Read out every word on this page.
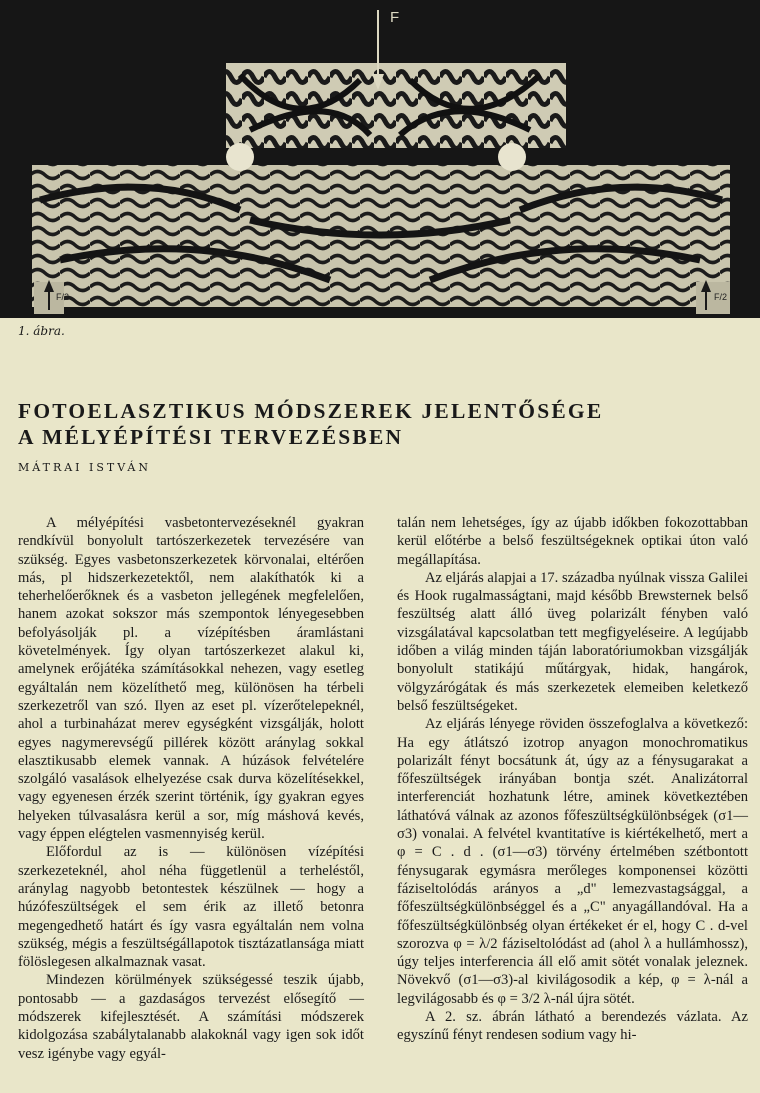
F
F/2	F/2
1. ábra.
FOTOELASZTIKUS MÓDSZEREK JELENTŐSÉGE
A MÉLYÉPÍTÉSI TERVEZÉSBEN
MÁTRAI ISTVÁN

A mélyépítési vasbetontervezéseknél gyakran rendkívül bonyolult tartószerkezetek tervezésére van szükség. Egyes vasbetonszerkezetek körvonalai, eltérően más, pl hidszerkezetektől, nem alakíthatók ki a teherhelőerőknek és a vasbeton jellegének megfelelően, hanem azokat sokszor más szempontok lényegesebben befolyásolják pl. a vízépítésben áramlástani követelmények. Így olyan tartószerkezet alakul ki, amelynek erőjátéka számításokkal nehezen, vagy esetleg egyáltalán nem közelíthető meg, különösen ha térbeli szerkezetről van szó. Ilyen az eset pl. vízerőtelepeknél, ahol a turbinaházat merev egységként vizsgálják, holott egyes nagymerevségű pillérek között aránylag sokkal elasztikusabb elemek vannak. A húzások felvételére szolgáló vasalások elhelyezése csak durva közelítésekkel, vagy egyenesen érzék szerint történik, így gyakran egyes helyeken túlvasalásra kerül a sor, míg máshová kevés, vagy éppen elégtelen vasmennyiség kerül.

Előfordul az is — különösen vízépítési szerkezeteknél, ahol néha függetlenül a terheléstől, aránylag nagyobb betontestek készülnek — hogy a húzófeszültségek el sem érik az illető betonra megengedhető határt és így vasra egyáltalán nem volna szükség, mégis a feszültségállapotok tisztázatlansága miatt fölöslegesen alkalmaznak vasat.

Mindezen körülmények szükségessé teszik újabb, pontosabb — a gazdaságos tervezést elősegítő — módszerek kifejlesztését. A számítási módszerek kidolgozása szabálytalanabb alakoknál vagy igen sok időt vesz igénybe vagy egyál-

talán nem lehetséges, így az újabb időkben fokozottabban kerül előtérbe a belső feszültségeknek optikai úton való megállapítása.

Az eljárás alapjai a 17. századba nyúlnak vissza Galilei és Hook rugalmasságtani, majd később Brewsternek belső feszültség alatt álló üveg polarizált fényben való vizsgálatával kapcsolatban tett megfigyeléseire. A legújabb időben a világ minden táján laboratóriumokban vizsgálják bonyolult statikájú műtárgyak, hidak, hangárok, völgyzárógátak és más szerkezetek elemeiben keletkező belső feszültségeket.

Az eljárás lényege röviden összefoglalva a következő: Ha egy átlátszó izotrop anyagon monochromatikus polarizált fényt bocsátunk át, úgy az a fénysugarakat a főfeszültségek irányában bontja szét. Analizátorral interferenciát hozhatunk létre, aminek következtében láthatóvá válnak az azonos főfeszültségkülönbségek (σ1—σ3) vonalai. A felvétel kvantitatíve is kiértékelhető, mert a φ = C . d . (σ1—σ3) törvény értelmében szétbontott fénysugarak egymásra merőleges komponensei közötti fáziseltolódás arányos a „d" lemezvastagsággal, a főfeszültségkülönbséggel és a „C" anyagállandóval. Ha a főfeszültségkülönbség olyan értékeket ér el, hogy C . d-vel szorozva φ = λ/2 fáziseltolódást ad (ahol λ a hullámhossz), úgy teljes interferencia áll elő amit sötét vonalak jeleznek. Növekvő (σ1—σ3)-al kivilágosodik a kép, φ = λ-nál a legvilágosabb és φ = 3/2 λ-nál újra sötét.

A 2. sz. ábrán látható a berendezés vázlata. Az egyszínű fényt rendesen sodium vagy hi-
